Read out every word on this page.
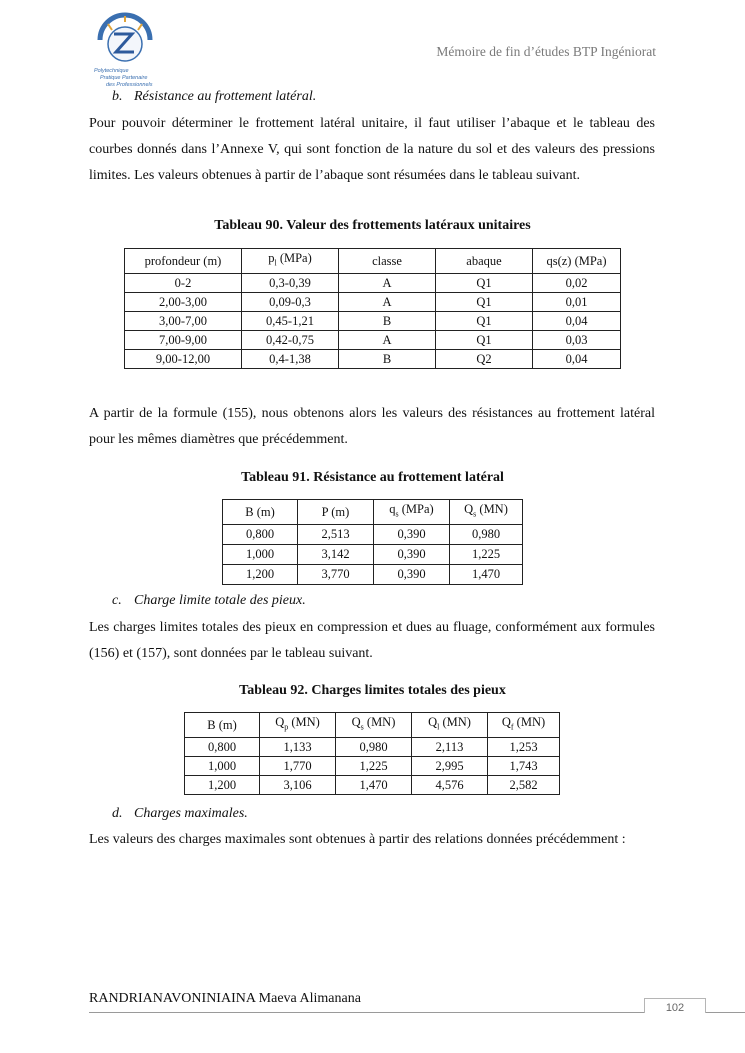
Polytechnique
Pratique Partenaire
des Professionnels
Mémoire de fin d’études BTP Ingéniorat
b. Résistance au frottement latéral.
Pour pouvoir déterminer le frottement latéral unitaire, il faut utiliser l’abaque et le tableau des courbes donnés dans l’Annexe V, qui sont fonction de la nature du sol et des valeurs des pressions limites. Les valeurs obtenues à partir de l’abaque sont résumées dans le tableau suivant.
Tableau 90. Valeur des frottements latéraux unitaires
profondeur (m)	$p_l$ (MPa)	classe	abaque	qs(z) (MPa)
0-2	0,3-0,39	A	Q1	0,02
2,00-3,00	0,09-0,3	A	Q1	0,01
3,00-7,00	0,45-1,21	B	Q1	0,04
7,00-9,00	0,42-0,75	A	Q1	0,03
9,00-12,00	0,4-1,38	B	Q2	0,04
A partir de la formule (155), nous obtenons alors les valeurs des résistances au frottement latéral pour les mêmes diamètres que précédemment.
Tableau 91. Résistance au frottement latéral
B (m)	P (m)	$q_s$ (MPa)	$Q_s$ (MN)
0,800	2,513	0,390	0,980
1,000	3,142	0,390	1,225
1,200	3,770	0,390	1,470
c. Charge limite totale des pieux.
Les charges limites totales des pieux en compression et dues au fluage, conformément aux formules (156) et (157), sont données par le tableau suivant.
Tableau 92. Charges limites totales des pieux
B (m)	$Q_p$ (MN)	$Q_s$ (MN)	$Q_l$ (MN)	$Q_f$ (MN)
0,800	1,133	0,980	2,113	1,253
1,000	1,770	1,225	2,995	1,743
1,200	3,106	1,470	4,576	2,582
d. Charges maximales.
Les valeurs des charges maximales sont obtenues à partir des relations données précédemment :
RANDRIANAVONINIAINA Maeva Alimanana
102
